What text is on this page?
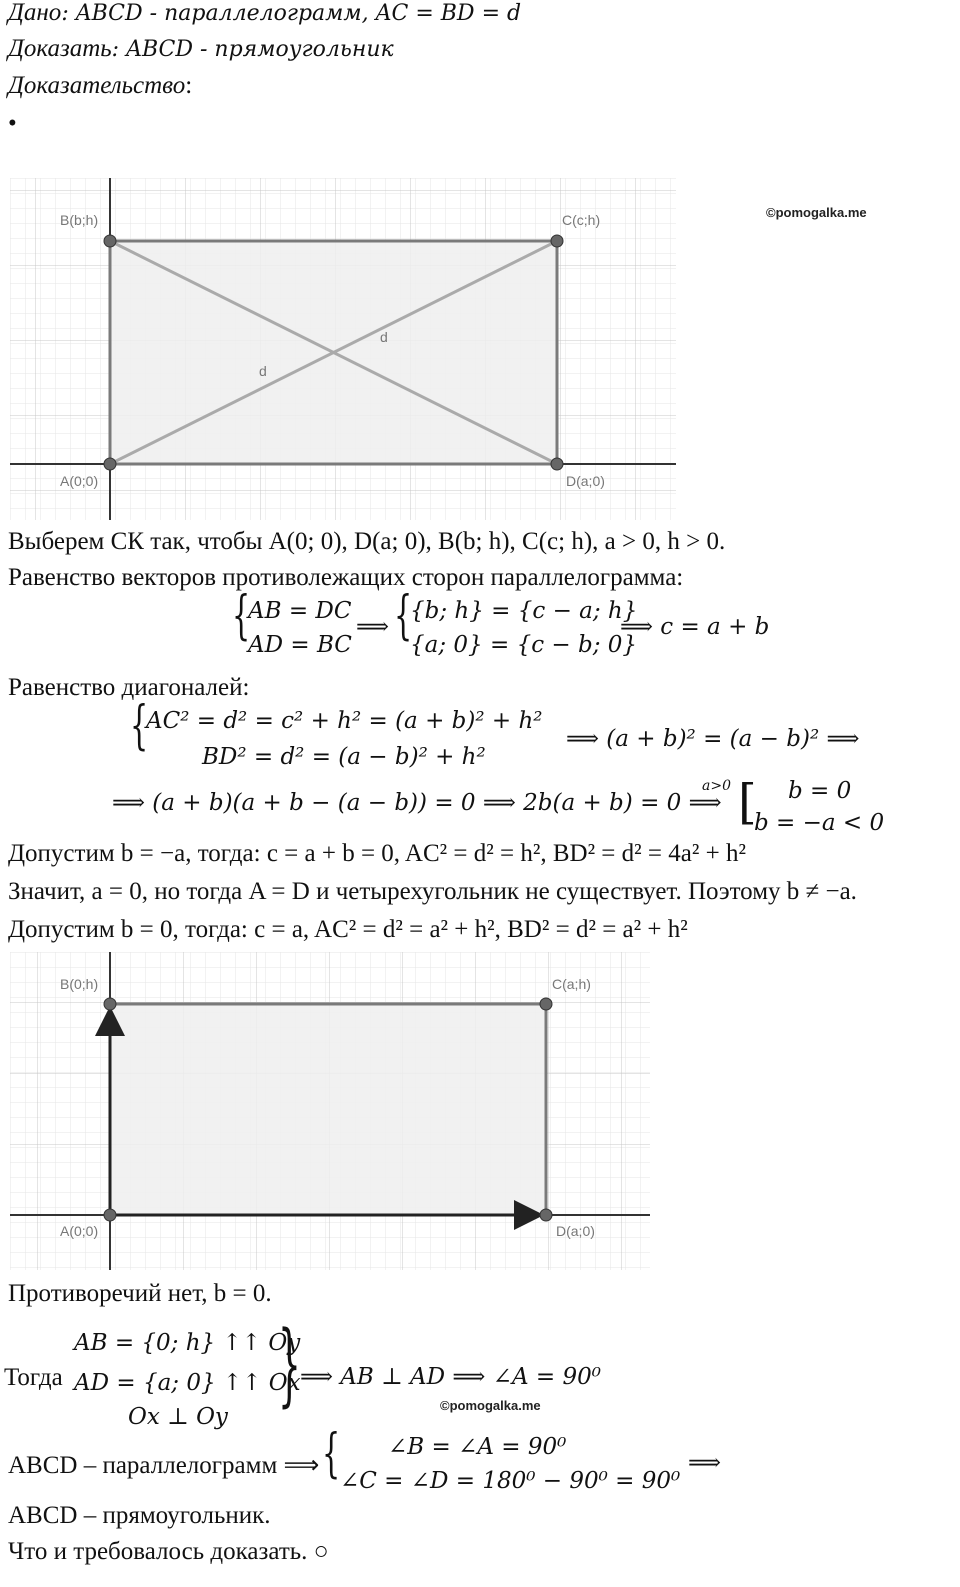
Дано: ABCD - параллелограмм, AC = BD = d
Доказать: ABCD - прямоугольник
Доказательство:
•
A(0;0)
B(b;h)	C(c;h)
D(a;0)
d
d
©pomogalka.me
Выберем СК так, чтобы A(0; 0), D(a; 0), B(b; h), C(c; h), a > 0, h > 0.
Равенство векторов противолежащих сторон параллелограмма:
{
AB = DC
AD = BC
⟹ {
{b; h} = {c − a; h}
{a; 0} = {c − b; 0}
⟹ c = a + b
Равенство диагоналей:
{
AC² = d² = c² + h² = (a + b)² + h²
BD² = d² = (a − b)² + h²
⟹ (a + b)² = (a − b)² ⟹
⟹ (a + b)(a + b − (a − b)) = 0 ⟹ 2b(a + b) = 0 ⟹
a>0 [ b = 0
b = −a < 0
Допустим b = −a, тогда: c = a + b = 0, AC² = d² = h², BD² = d² = 4a² + h²
Значит, a = 0, но тогда A = D и четырехугольник не существует. Поэтому b ≠ −a.
Допустим b = 0, тогда: c = a, AC² = d² = a² + h², BD² = d² = a² + h²
A(0;0)
B(0;h)	C(a;h)
D(a;0)
Противоречий нет, b = 0.
Тогда
AB = {0; h} ↑↑ Oy
AD = {a; 0} ↑↑ Ox
Ox ⊥ Oy } ⟹ AB ⊥ AD ⟹ ∠A = 90⁰
©pomogalka.me
ABCD – параллелограмм ⟹ { ∠B = ∠A = 90⁰
∠C = ∠D = 180⁰ − 90⁰ = 90⁰
⟹
ABCD – прямоугольник.
Что и требовалось доказать. ○
